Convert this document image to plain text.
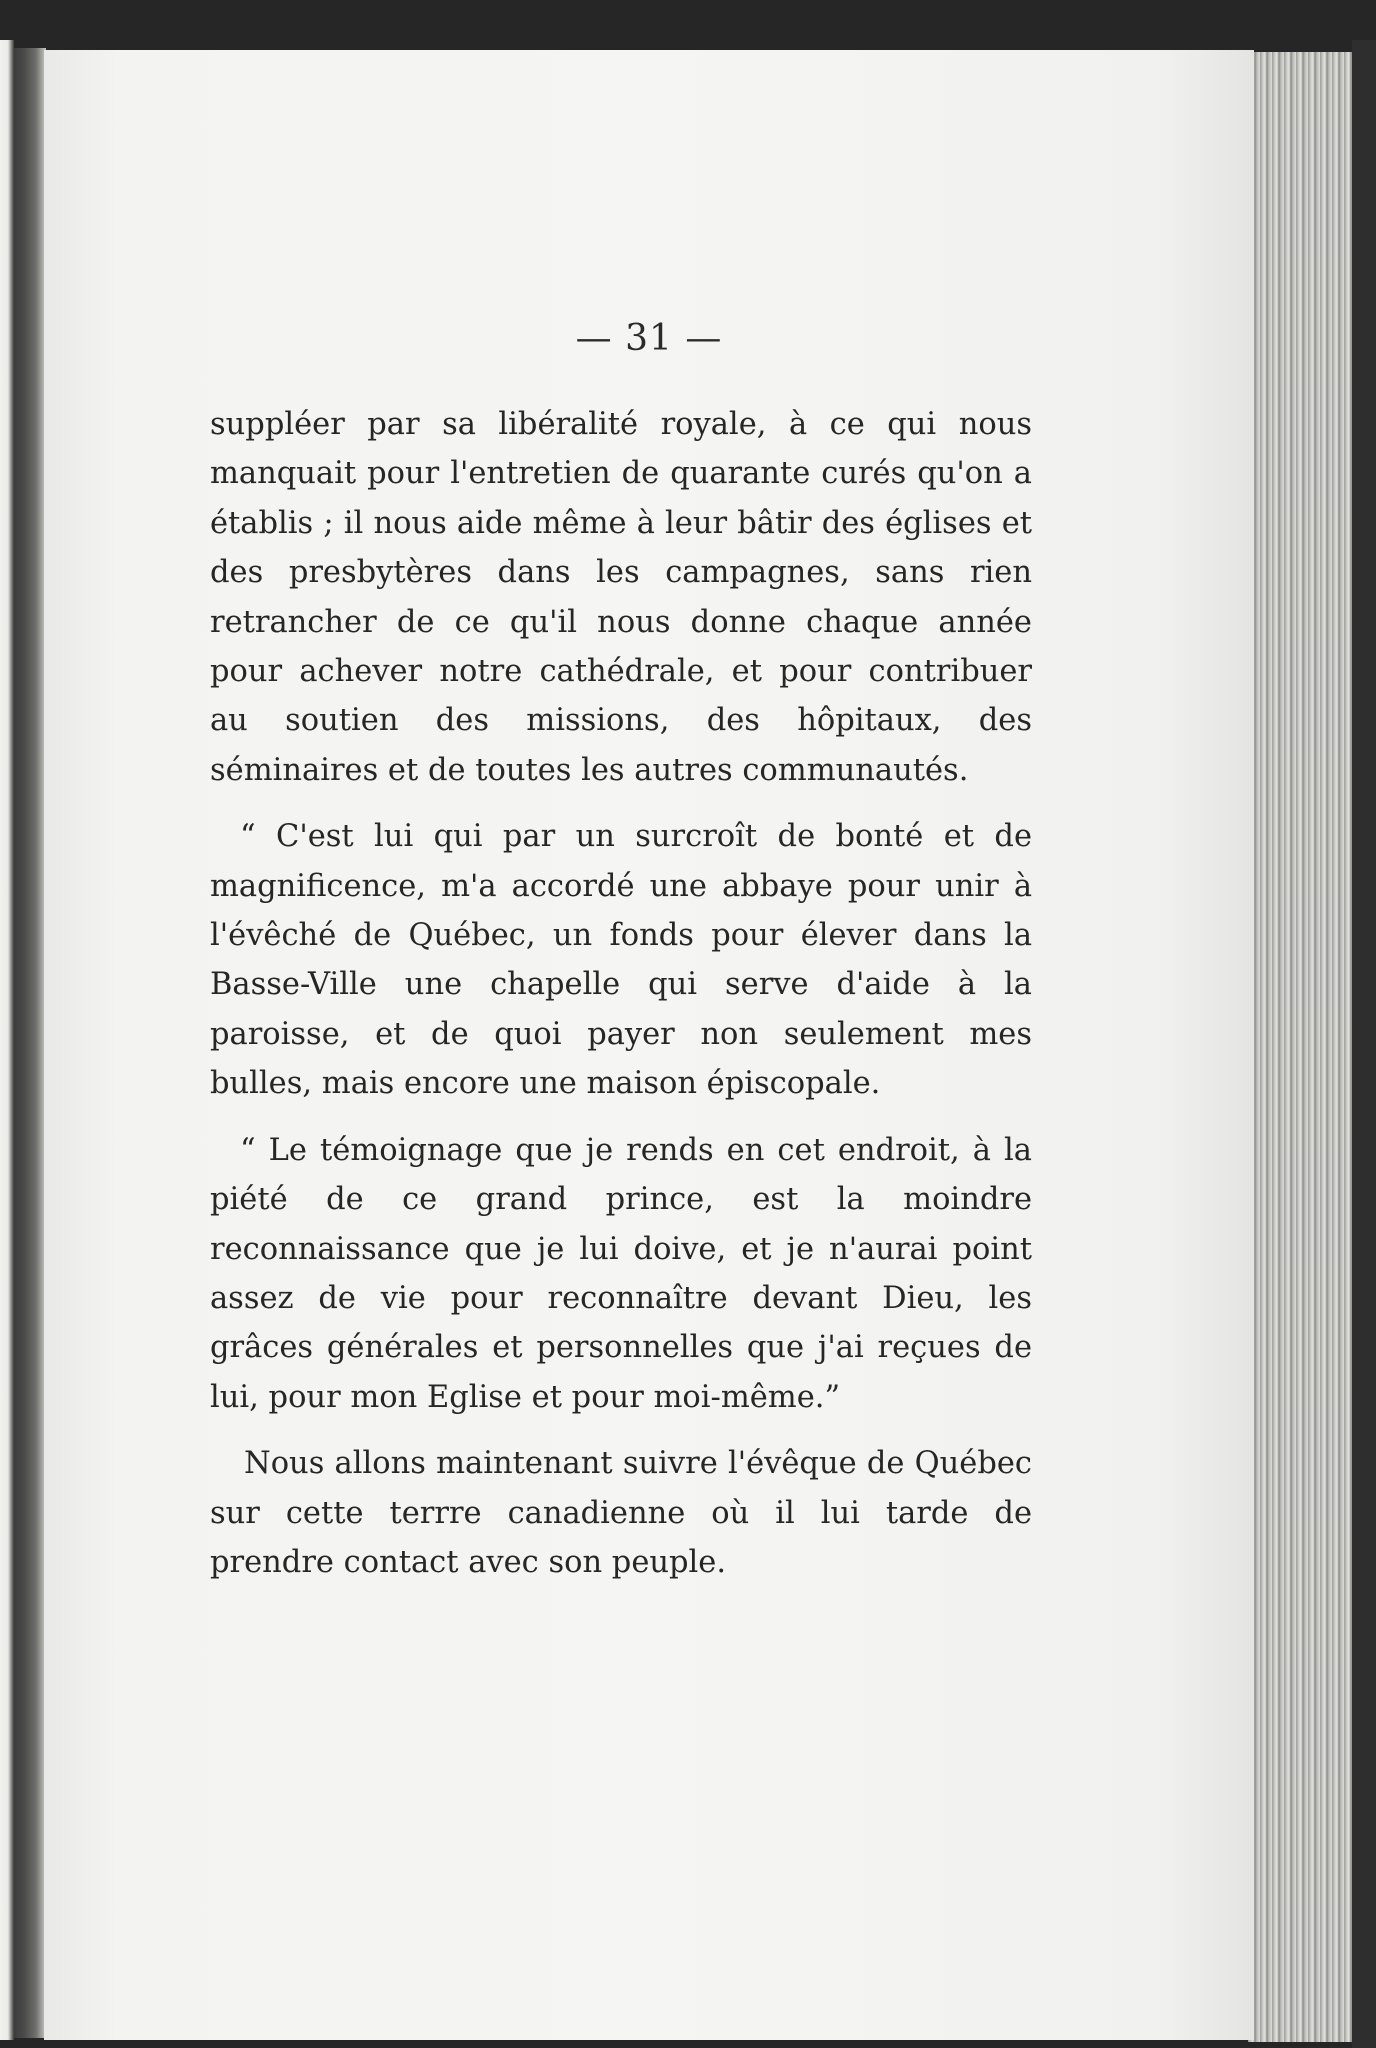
— 31 —

suppléer par sa libéralité royale, à ce qui nous manquait pour l'entretien de quarante curés qu'on a établis ; il nous aide même à leur bâtir des églises et des presbytères dans les campagnes, sans rien retrancher de ce qu'il nous donne chaque année pour achever notre cathédrale, et pour contribuer au soutien des missions, des hôpitaux, des séminaires et de toutes les autres communautés.

“ C'est lui qui par un surcroît de bonté et de magnificence, m'a accordé une abbaye pour unir à l'évêché de Québec, un fonds pour élever dans la Basse-Ville une chapelle qui serve d'aide à la paroisse, et de quoi payer non seulement mes bulles, mais encore une maison épiscopale.

“ Le témoignage que je rends en cet endroit, à la piété de ce grand prince, est la moindre reconnaissance que je lui doive, et je n'aurai point assez de vie pour reconnaître devant Dieu, les grâces générales et personnelles que j'ai reçues de lui, pour mon Eglise et pour moi-même.”

Nous allons maintenant suivre l'évêque de Québec sur cette terrre canadienne où il lui tarde de prendre contact avec son peuple.
